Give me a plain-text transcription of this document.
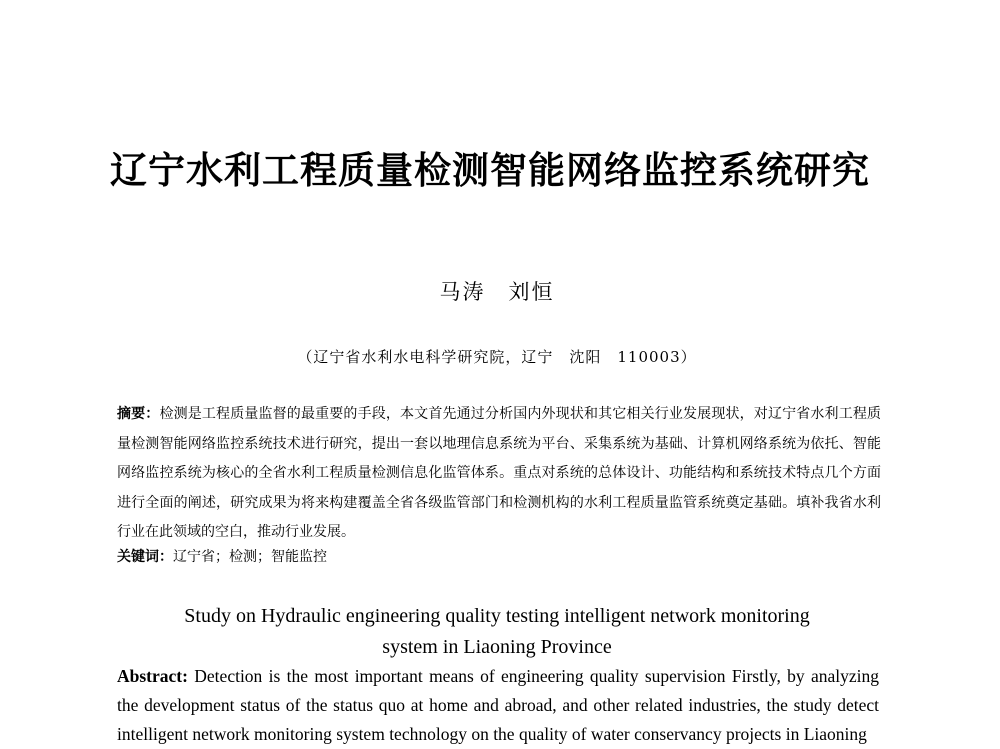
辽宁水利工程质量检测智能网络监控系统研究
马涛　刘恒
（辽宁省水利水电科学研究院，辽宁　沈阳　110003）
摘要：检测是工程质量监督的最重要的手段，本文首先通过分析国内外现状和其它相关行业发展现状，对辽宁省水利工程质量检测智能网络监控系统技术进行研究，提出一套以地理信息系统为平台、采集系统为基础、计算机网络系统为依托、智能网络监控系统为核心的全省水利工程质量检测信息化监管体系。重点对系统的总体设计、功能结构和系统技术特点几个方面进行全面的阐述，研究成果为将来构建覆盖全省各级监管部门和检测机构的水利工程质量监管系统奠定基础。填补我省水利行业在此领域的空白，推动行业发展。
关键词：辽宁省；检测；智能监控
Study on Hydraulic engineering quality testing intelligent network monitoring
system in Liaoning Province
Abstract: Detection is the most important means of engineering quality supervision Firstly, by analyzing the development status of the status quo at home and abroad, and other related industries, the study detect intelligent network monitoring system technology on the quality of water conservancy projects in Liaoning
